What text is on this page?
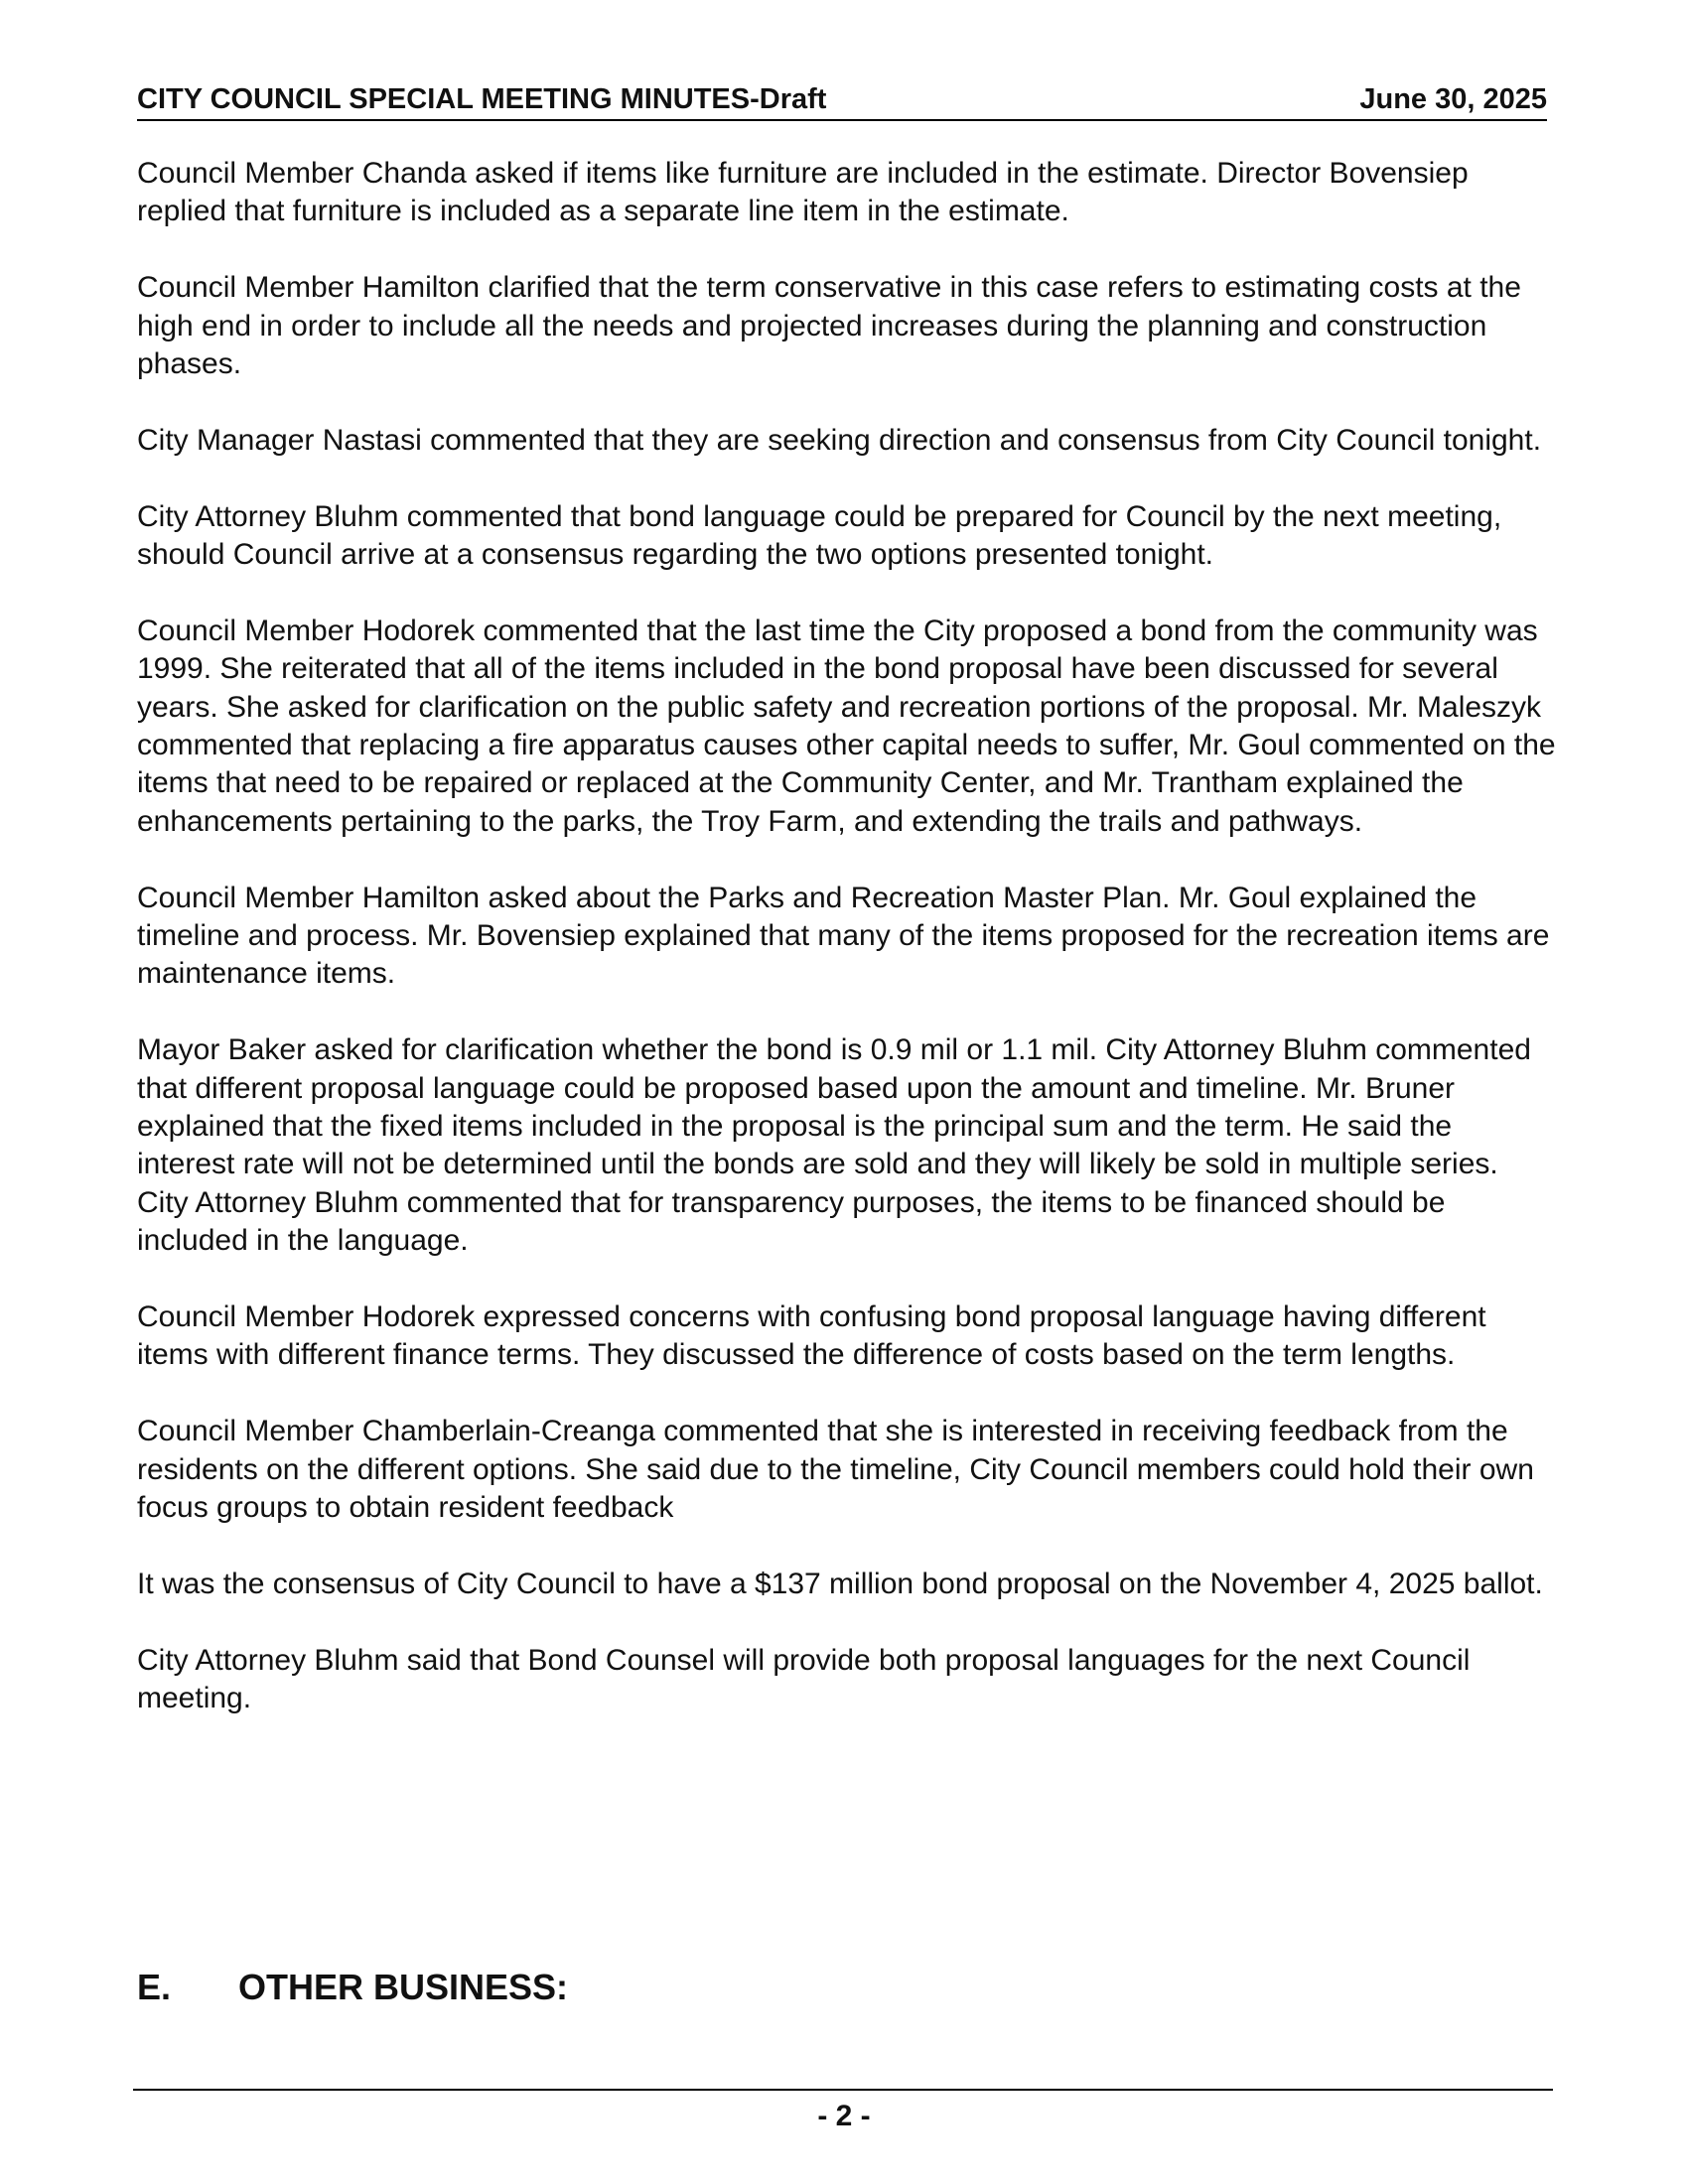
CITY COUNCIL SPECIAL MEETING MINUTES-Draft	June 30, 2025

Council Member Chanda asked if items like furniture are included in the estimate. Director Bovensiep replied that furniture is included as a separate line item in the estimate.

Council Member Hamilton clarified that the term conservative in this case refers to estimating costs at the high end in order to include all the needs and projected increases during the planning and construction phases.

City Manager Nastasi commented that they are seeking direction and consensus from City Council tonight.

City Attorney Bluhm commented that bond language could be prepared for Council by the next meeting, should Council arrive at a consensus regarding the two options presented tonight.

Council Member Hodorek commented that the last time the City proposed a bond from the community was 1999. She reiterated that all of the items included in the bond proposal have been discussed for several years. She asked for clarification on the public safety and recreation portions of the proposal. Mr. Maleszyk commented that replacing a fire apparatus causes other capital needs to suffer, Mr. Goul commented on the items that need to be repaired or replaced at the Community Center, and Mr. Trantham explained the enhancements pertaining to the parks, the Troy Farm, and extending the trails and pathways.

Council Member Hamilton asked about the Parks and Recreation Master Plan. Mr. Goul explained the timeline and process. Mr. Bovensiep explained that many of the items proposed for the recreation items are maintenance items.

Mayor Baker asked for clarification whether the bond is 0.9 mil or 1.1 mil. City Attorney Bluhm commented that different proposal language could be proposed based upon the amount and timeline. Mr. Bruner explained that the fixed items included in the proposal is the principal sum and the term. He said the interest rate will not be determined until the bonds are sold and they will likely be sold in multiple series. City Attorney Bluhm commented that for transparency purposes, the items to be financed should be included in the language.

Council Member Hodorek expressed concerns with confusing bond proposal language having different items with different finance terms. They discussed the difference of costs based on the term lengths.

Council Member Chamberlain-Creanga commented that she is interested in receiving feedback from the residents on the different options. She said due to the timeline, City Council members could hold their own focus groups to obtain resident feedback

It was the consensus of City Council to have a $137 million bond proposal on the November 4, 2025 ballot.

City Attorney Bluhm said that Bond Counsel will provide both proposal languages for the next Council meeting.

E. OTHER BUSINESS:
- 2 -
